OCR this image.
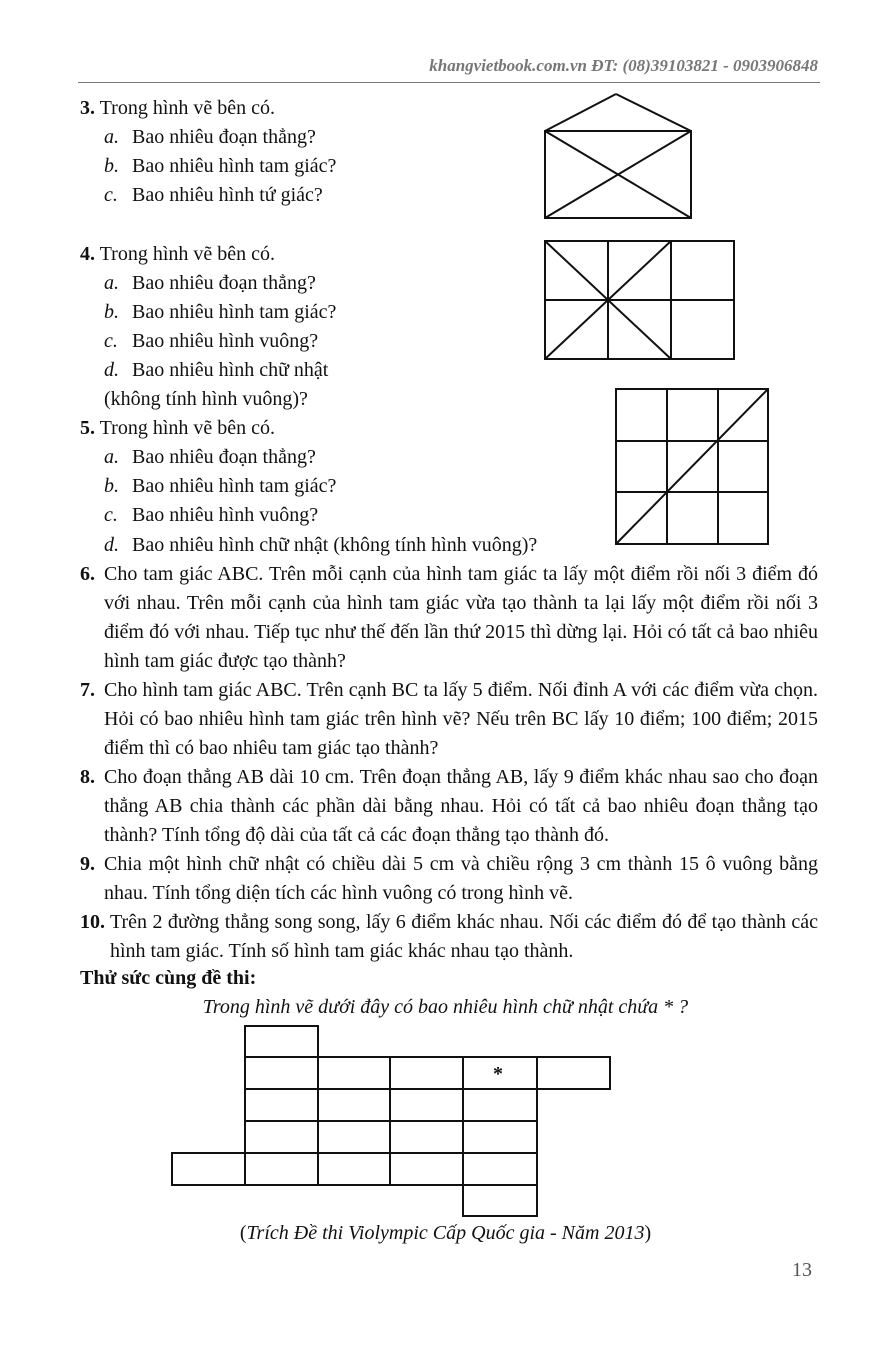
khangvietbook.com.vn ĐT: (08)39103821 - 0903906848
3. Trong hình vẽ bên có.
a. Bao nhiêu đoạn thẳng?
b. Bao nhiêu hình tam giác?
c. Bao nhiêu hình tứ giác?
4. Trong hình vẽ bên có.
a. Bao nhiêu đoạn thẳng?
b. Bao nhiêu hình tam giác?
c. Bao nhiêu hình vuông?
d. Bao nhiêu hình chữ nhật
(không tính hình vuông)?
5. Trong hình vẽ bên có.
a. Bao nhiêu đoạn thẳng?
b. Bao nhiêu hình tam giác?
c. Bao nhiêu hình vuông?
d. Bao nhiêu hình chữ nhật (không tính hình vuông)?
6. Cho tam giác ABC. Trên mỗi cạnh của hình tam giác ta lấy một điểm rồi nối 3 điểm đó với nhau. Trên mỗi cạnh của hình tam giác vừa tạo thành ta lại lấy một điểm rồi nối 3 điểm đó với nhau. Tiếp tục như thế đến lần thứ 2015 thì dừng lại. Hỏi có tất cả bao nhiêu hình tam giác được tạo thành?
7. Cho hình tam giác ABC. Trên cạnh BC ta lấy 5 điểm. Nối đỉnh A với các điểm vừa chọn. Hỏi có bao nhiêu hình tam giác trên hình vẽ? Nếu trên BC lấy 10 điểm; 100 điểm; 2015 điểm thì có bao nhiêu tam giác tạo thành?
8. Cho đoạn thẳng AB dài 10 cm. Trên đoạn thẳng AB, lấy 9 điểm khác nhau sao cho đoạn thẳng AB chia thành các phần dài bằng nhau. Hỏi có tất cả bao nhiêu đoạn thẳng tạo thành? Tính tổng độ dài của tất cả các đoạn thẳng tạo thành đó.
9. Chia một hình chữ nhật có chiều dài 5 cm và chiều rộng 3 cm thành 15 ô vuông bằng nhau. Tính tổng diện tích các hình vuông có trong hình vẽ.
10. Trên 2 đường thẳng song song, lấy 6 điểm khác nhau. Nối các điểm đó để tạo thành các hình tam giác. Tính số hình tam giác khác nhau tạo thành.
Thử sức cùng đề thi:
Trong hình vẽ dưới đây có bao nhiêu hình chữ nhật chứa * ?
*
(Trích Đề thi Violympic Cấp Quốc gia - Năm 2013)
13
